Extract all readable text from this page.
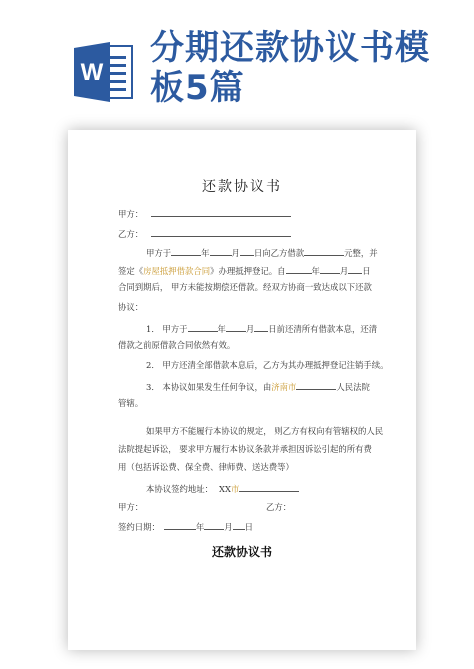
W
分期还款协议书模
板5篇
还款协议书
甲方：
乙方：
甲方于	年	月 日向乙方借款	元整，并
签定《房屋抵押借款合同》办理抵押登记。自	年 月 日
合同到期后， 甲方未能按期偿还借款。经双方协商一致达成以下还款
协议：
1． 甲方于	年 月 日前还清所有借款本息，还清
借款之前原借款合同依然有效。
2． 甲方还清全部借款本息后，乙方为其办理抵押登记注销手续。
3． 本协议如果发生任何争议，由济南市	人民法院
管辖。
如果甲方不能履行本协议的规定， 则乙方有权向有管辖权的人民
法院提起诉讼， 要求甲方履行本协议条款并承担因诉讼引起的所有费
用（包括诉讼费、保全费、律师费、送达费等）
本协议签约地址： XX市
甲方：	乙方：
签约日期：	年 月 日
还款协议书
